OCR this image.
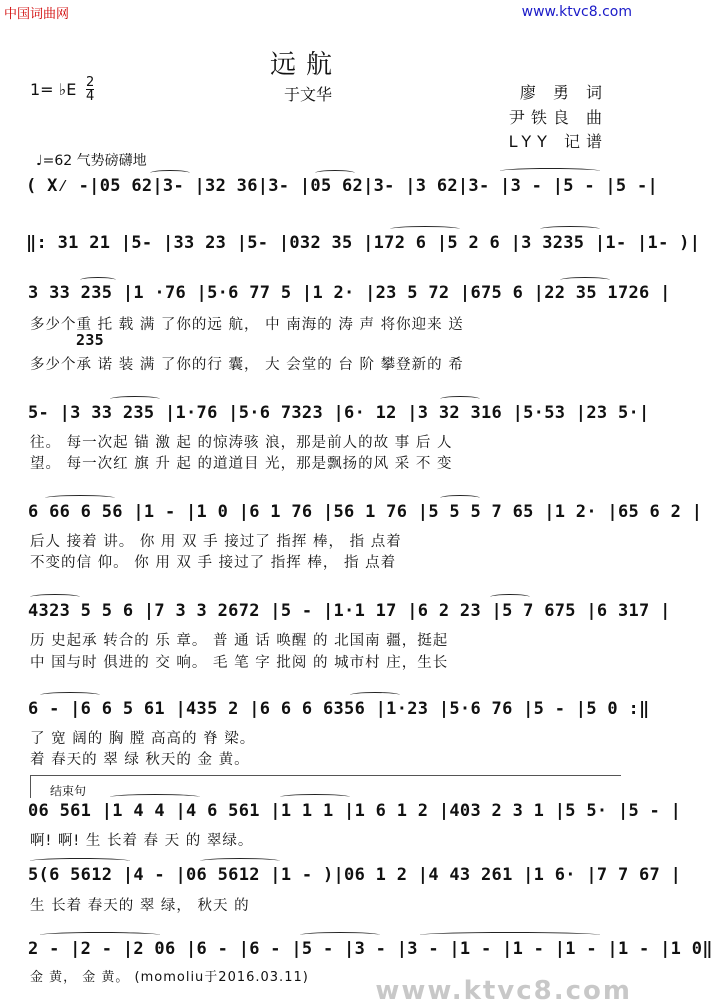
中国词曲网	www.ktvc8.com
远航
于文华
1= ♭E $\frac{2}{4}$	廖 勇 词
尹铁良 曲
LYY 记谱
♩=62 气势磅礴地
( X⁄ -|05 62|3- |32 36|3- |05 62|3- |3 62|3- |3 - |5 - |5 -|
‖: 31 21 |5- |33 23 |5- |032 35 |172 6 |5 2 6 |3 3235 |1- |1- )|
3 33 235 |1 ·76 |5·6 77 5 |1 2· |23 5 72 |675 6 |22 35 1726 |
多少个重 托 载 满 了你的远 航， 中 南海的 涛 声 将你迎来 送
235
多少个承 诺 装 满 了你的行 囊， 大 会堂的 台 阶 攀登新的 希
5- |3 33 235 |1·76 |5·6 7323 |6· 12 |3 32 316 |5·53 |23 5·|
往。 每一次起 锚 激 起 的惊涛骇 浪，那是前人的故 事 后 人
望。 每一次红 旗 升 起 的道道目 光，那是飘扬的风 采 不 变
6 66 6 56 |1 - |1 0 |6 1 76 |56 1 76 |5 5 5 7 65 |1 2· |65 6 2 |
后人 接着 讲。 你 用 双 手 接过了 指挥 棒， 指 点着
不变的信 仰。 你 用 双 手 接过了 指挥 棒， 指 点着
4323 5 5 6 |7 3 3 2672 |5 - |1·1 17 |6 2 23 |5 7 675 |6 317 |
历 史起承 转合的 乐 章。 普 通 话 唤醒 的 北国南 疆，挺起
中 国与时 俱进的 交 响。 毛 笔 字 批阅 的 城市村 庄，生长
6 - |6 6 5 61 |435 2 |6 6 6 6356 |1·23 |5·6 76 |5 - |5 0 :‖
了 宽 阔的 胸 膛 高高的 脊 梁。
着 春天的 翠 绿 秋天的 金 黄。
结束句
06 561 |1 4 4 |4 6 561 |1 1 1 |1 6 1 2 |403 2 3 1 |5 5· |5 - |
啊! 啊! 生 长着 春 天 的 翠绿。
5(6 5612 |4 - |06 5612 |1 - )|06 1 2 |4 43 261 |1 6· |7 7 67 |
生 长着 春天的 翠 绿， 秋天 的
2 - |2 - |2 06 |6 - |6 - |5 - |3 - |3 - |1 - |1 - |1 - |1 - |1 0‖
金 黄， 金 黄。 (momoliu于2016.03.11)	www.ktvc8.com
